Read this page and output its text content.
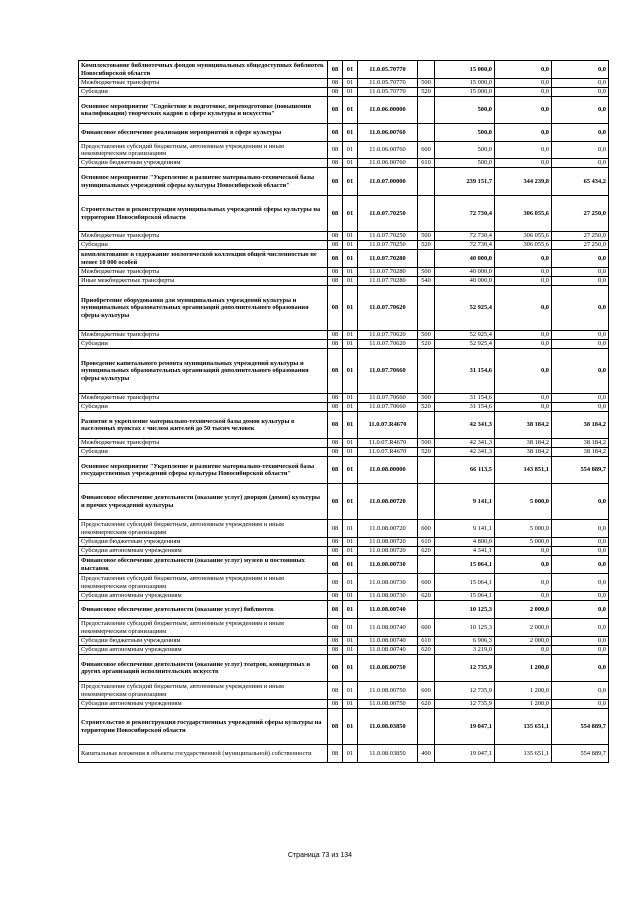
Комплектование библиотечных фондов муниципальных общедоступных библиотек Новосибирской области	08	01	11.0.05.70770		15 000,0	0,0	0,0
Межбюджетные трансферты	08	01	11.0.05.70770	500	15 000,0	0,0	0,0
Субсидии	08	01	11.0.05.70770	520	15 000,0	0,0	0,0
Основное мероприятие "Содействие в подготовке, переподготовке (повышении квалификации) творческих кадров в сфере культуры и искусства"	08	01	11.0.06.00000		500,0	0,0	0,0
Финансовое обеспечение реализации мероприятий в сфере культуры	08	01	11.0.06.00760		500,0	0,0	0,0
Предоставление субсидий бюджетным, автономным учреждениям и иным некоммерческим организациям	08	01	11.0.06.00760	600	500,0	0,0	0,0
Субсидии бюджетным учреждениям	08	01	11.0.06.00760	610	500,0	0,0	0,0
Основное мероприятие "Укрепление и развитие материально-технической базы муниципальных учреждений сферы культуры Новосибирской области"	08	01	11.0.07.00000		239 151,7	344 239,8	65 434,2
Строительство и реконструкция муниципальных учреждений сферы культуры на территории Новосибирской области	08	01	11.0.07.70250		72 730,4	306 055,6	27 250,0
Межбюджетные трансферты	08	01	11.0.07.70250	500	72 730,4	306 055,6	27 250,0
Субсидии	08	01	11.0.07.70250	520	72 730,4	306 055,6	27 250,0
комплектование и содержание зоологической коллекции общей численностью не менее 10 000 особей	08	01	11.0.07.70280		40 000,0	0,0	0,0
Межбюджетные трансферты	08	01	11.0.07.70280	500	40 000,0	0,0	0,0
Иные межбюджетные трансферты	08	01	11.0.07.70280	540	40 000,0	0,0	0,0
Приобретение оборудования для муниципальных учреждений культуры и муниципальных образовательных организаций дополнительного образования сферы культуры	08	01	11.0.07.70620		52 925,4	0,0	0,0
Межбюджетные трансферты	08	01	11.0.07.70620	500	52 925,4	0,0	0,0
Субсидии	08	01	11.0.07.70620	520	52 925,4	0,0	0,0
Проведение капитального ремонта муниципальных учреждений культуры и муниципальных образовательных организаций дополнительного образования сферы культуры	08	01	11.0.07.70660		31 154,6	0,0	0,0
Межбюджетные трансферты	08	01	11.0.07.70660	500	31 154,6	0,0	0,0
Субсидии	08	01	11.0.07.70660	520	31 154,6	0,0	0,0
Развитие и укрепление материально-технической базы домов культуры в населенных пунктах с числом жителей до 50 тысяч человек	08	01	11.0.07.R4670		42 341,3	38 184,2	38 184,2
Межбюджетные трансферты	08	01	11.0.07.R4670	500	42 341,3	38 184,2	38 184,2
Субсидии	08	01	11.0.07.R4670	520	42 341,3	38 184,2	38 184,2
Основное мероприятие "Укрепление и развитие материально-технической базы государственных учреждений сферы культуры Новосибирской области"	08	01	11.0.08.00000		66 113,5	143 851,1	554 889,7
Финансовое обеспечение деятельности (оказание услуг) дворцов (домов) культуры и прочих учреждений культуры	08	01	11.0.08.00720		9 141,1	5 000,0	0,0
Предоставление субсидий бюджетным, автономным учреждениям и иным некоммерческим организациям	08	01	11.0.08.00720	600	9 141,1	5 000,0	0,0
Субсидии бюджетным учреждениям	08	01	11.0.08.00720	610	4 800,0	5 000,0	0,0
Субсидии автономным учреждениям	08	01	11.0.08.00720	620	4 341,1	0,0	0,0
Финансовое обеспечение деятельности (оказание услуг) музеев и постоянных выставок	08	01	11.0.08.00730		15 064,1	0,0	0,0
Предоставление субсидий бюджетным, автономным учреждениям и иным некоммерческим организациям	08	01	11.0.08.00730	600	15 064,1	0,0	0,0
Субсидии автономным учреждениям	08	01	11.0.08.00730	620	15 064,1	0,0	0,0
Финансовое обеспечение деятельности (оказание услуг) библиотек	08	01	11.0.08.00740		10 125,3	2 000,0	0,0
Предоставление субсидий бюджетным, автономным учреждениям и иным некоммерческим организациям	08	01	11.0.08.00740	600	10 125,3	2 000,0	0,0
Субсидии бюджетным учреждениям	08	01	11.0.08.00740	610	6 906,3	2 000,0	0,0
Субсидии автономным учреждениям	08	01	11.0.08.00740	620	3 219,0	0,0	0,0
Финансовое обеспечение деятельности (оказание услуг) театров, концертных и других организаций исполнительских искусств	08	01	11.0.08.00750		12 735,9	1 200,0	0,0
Предоставление субсидий бюджетным, автономным учреждениям и иным некоммерческим организациям	08	01	11.0.08.00750	600	12 735,9	1 200,0	0,0
Субсидии автономным учреждениям	08	01	11.0.08.00750	620	12 735,9	1 200,0	0,0
Строительство и реконструкция государственных учреждений сферы культуры на территории Новосибирской области	08	01	11.0.08.03850		19 047,1	135 651,1	554 889,7
Капитальные вложения в объекты государственной (муниципальной) собственности	08	01	11.0.08.03850	400	19 047,1	135 651,1	554 889,7
Страница 73 из 134
